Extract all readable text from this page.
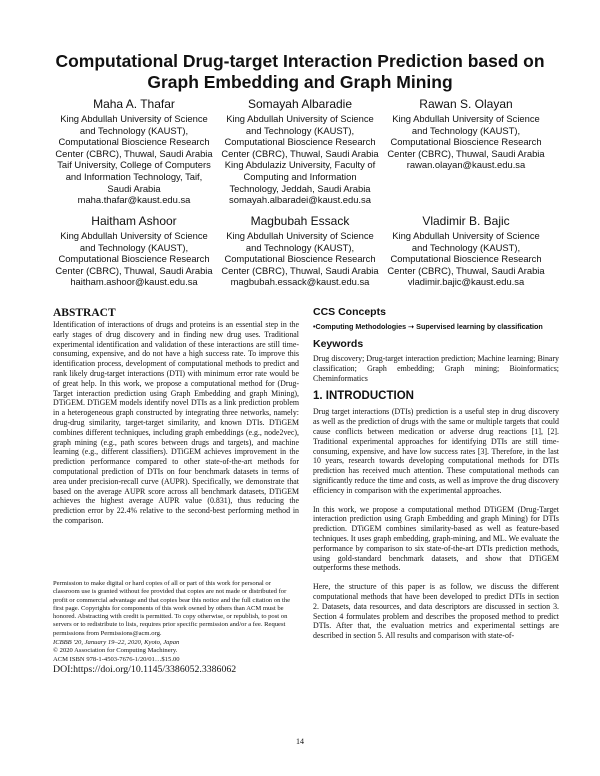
Computational Drug-target Interaction Prediction based on Graph Embedding and Graph Mining
Maha A. Thafar
King Abdullah University of Science
and Technology (KAUST),
Computational Bioscience Research
Center (CBRC), Thuwal, Saudi Arabia
Taif University, College of Computers
and Information Technology, Taif,
Saudi Arabia
maha.thafar@kaust.edu.sa
Somayah Albaradie
King Abdullah University of Science
and Technology (KAUST),
Computational Bioscience Research
Center (CBRC), Thuwal, Saudi Arabia
King Abdulaziz University, Faculty of
Computing and Information
Technology, Jeddah, Saudi Arabia
somayah.albaradei@kaust.edu.sa
Rawan S. Olayan
King Abdullah University of Science
and Technology (KAUST),
Computational Bioscience Research
Center (CBRC), Thuwal, Saudi Arabia
rawan.olayan@kaust.edu.sa
Haitham Ashoor
King Abdullah University of Science
and Technology (KAUST),
Computational Bioscience Research
Center (CBRC), Thuwal, Saudi Arabia
haitham.ashoor@kaust.edu.sa
Magbubah Essack
King Abdullah University of Science
and Technology (KAUST),
Computational Bioscience Research
Center (CBRC), Thuwal, Saudi Arabia
magbubah.essack@kaust.edu.sa
Vladimir B. Bajic
King Abdullah University of Science
and Technology (KAUST),
Computational Bioscience Research
Center (CBRC), Thuwal, Saudi Arabia
vladimir.bajic@kaust.edu.sa
ABSTRACT

Identification of interactions of drugs and proteins is an essential step in the early stages of drug discovery and in finding new drug uses. Traditional experimental identification and validation of these interactions are still time-consuming, expensive, and do not have a high success rate. To improve this identification process, development of computational methods to predict and rank likely drug-target interactions (DTI) with minimum error rate would be of great help. In this work, we propose a computational method for (Drug-Target interaction prediction using Graph Embedding and graph Mining), DTiGEM. DTiGEM models identify novel DTIs as a link prediction problem in a heterogeneous graph constructed by integrating three networks, namely: drug-drug similarity, target-target similarity, and known DTIs. DTiGEM combines different techniques, including graph embeddings (e.g., node2vec), graph mining (e.g., path scores between drugs and targets), and machine learning (e.g., different classifiers). DTiGEM achieves improvement in the prediction performance compared to other state-of-the-art methods for computational prediction of DTIs on four benchmark datasets in terms of area under precision-recall curve (AUPR). Specifically, we demonstrate that based on the average AUPR score across all benchmark datasets, DTiGEM achieves the highest average AUPR value (0.831), thus reducing the prediction error by 22.4% relative to the second-best performing method in the comparison.

Permission to make digital or hard copies of all or part of this work for personal or classroom use is granted without fee provided that copies are not made or distributed for profit or commercial advantage and that copies bear this notice and the full citation on the first page. Copyrights for components of this work owned by others than ACM must be honored. Abstracting with credit is permitted. To copy otherwise, or republish, to post on servers or to redistribute to lists, requires prior specific permission and/or a fee. Request permissions from Permissions@acm.org.
ICBBB '20, January 19–22, 2020, Kyoto, Japan
© 2020 Association for Computing Machinery.
ACM ISBN 978-1-4503-7676-1/20/01…$15.00
DOI:https://doi.org/10.1145/3386052.3386062
CCS Concepts
•Computing Methodologies ➝ Supervised learning by classification
Keywords

Drug discovery; Drug-target interaction prediction; Machine learning; Binary classification; Graph embedding; Graph mining; Bioinformatics; Cheminformatics

1. INTRODUCTION

Drug target interactions (DTIs) prediction is a useful step in drug discovery as well as the prediction of drugs with the same or multiple targets that could cause conflicts between medication or adverse drug reactions [1], [2]. Traditional experimental approaches for identifying DTIs are still time- consuming, expensive, and have low success rates [3]. Therefore, in the last 10 years, research towards developing computational methods for DTIs prediction has received much attention. These computational methods can significantly reduce the time and costs, as well as improve the drug discovery efficiency in comparison with the experimental approaches.

In this work, we propose a computational method DTiGEM (Drug-Target interaction prediction using Graph Embedding and graph Mining) for DTIs prediction. DTiGEM combines similarity-based as well as feature-based techniques. It uses graph embedding, graph-mining, and ML. We evaluate the performance by comparison to six state-of-the-art DTIs prediction methods, using gold-standard benchmark datasets, and show that DTiGEM outperforms these methods.

Here, the structure of this paper is as follow, we discuss the different computational methods that have been developed to predict DTIs in section 2. Datasets, data resources, and data descriptors are discussed in section 3. Section 4 formulates problem and describes the proposed method to predict DTIs. After that, the evaluation metrics and experimental settings are described in section 5. All results and comparison with state-of-

14
